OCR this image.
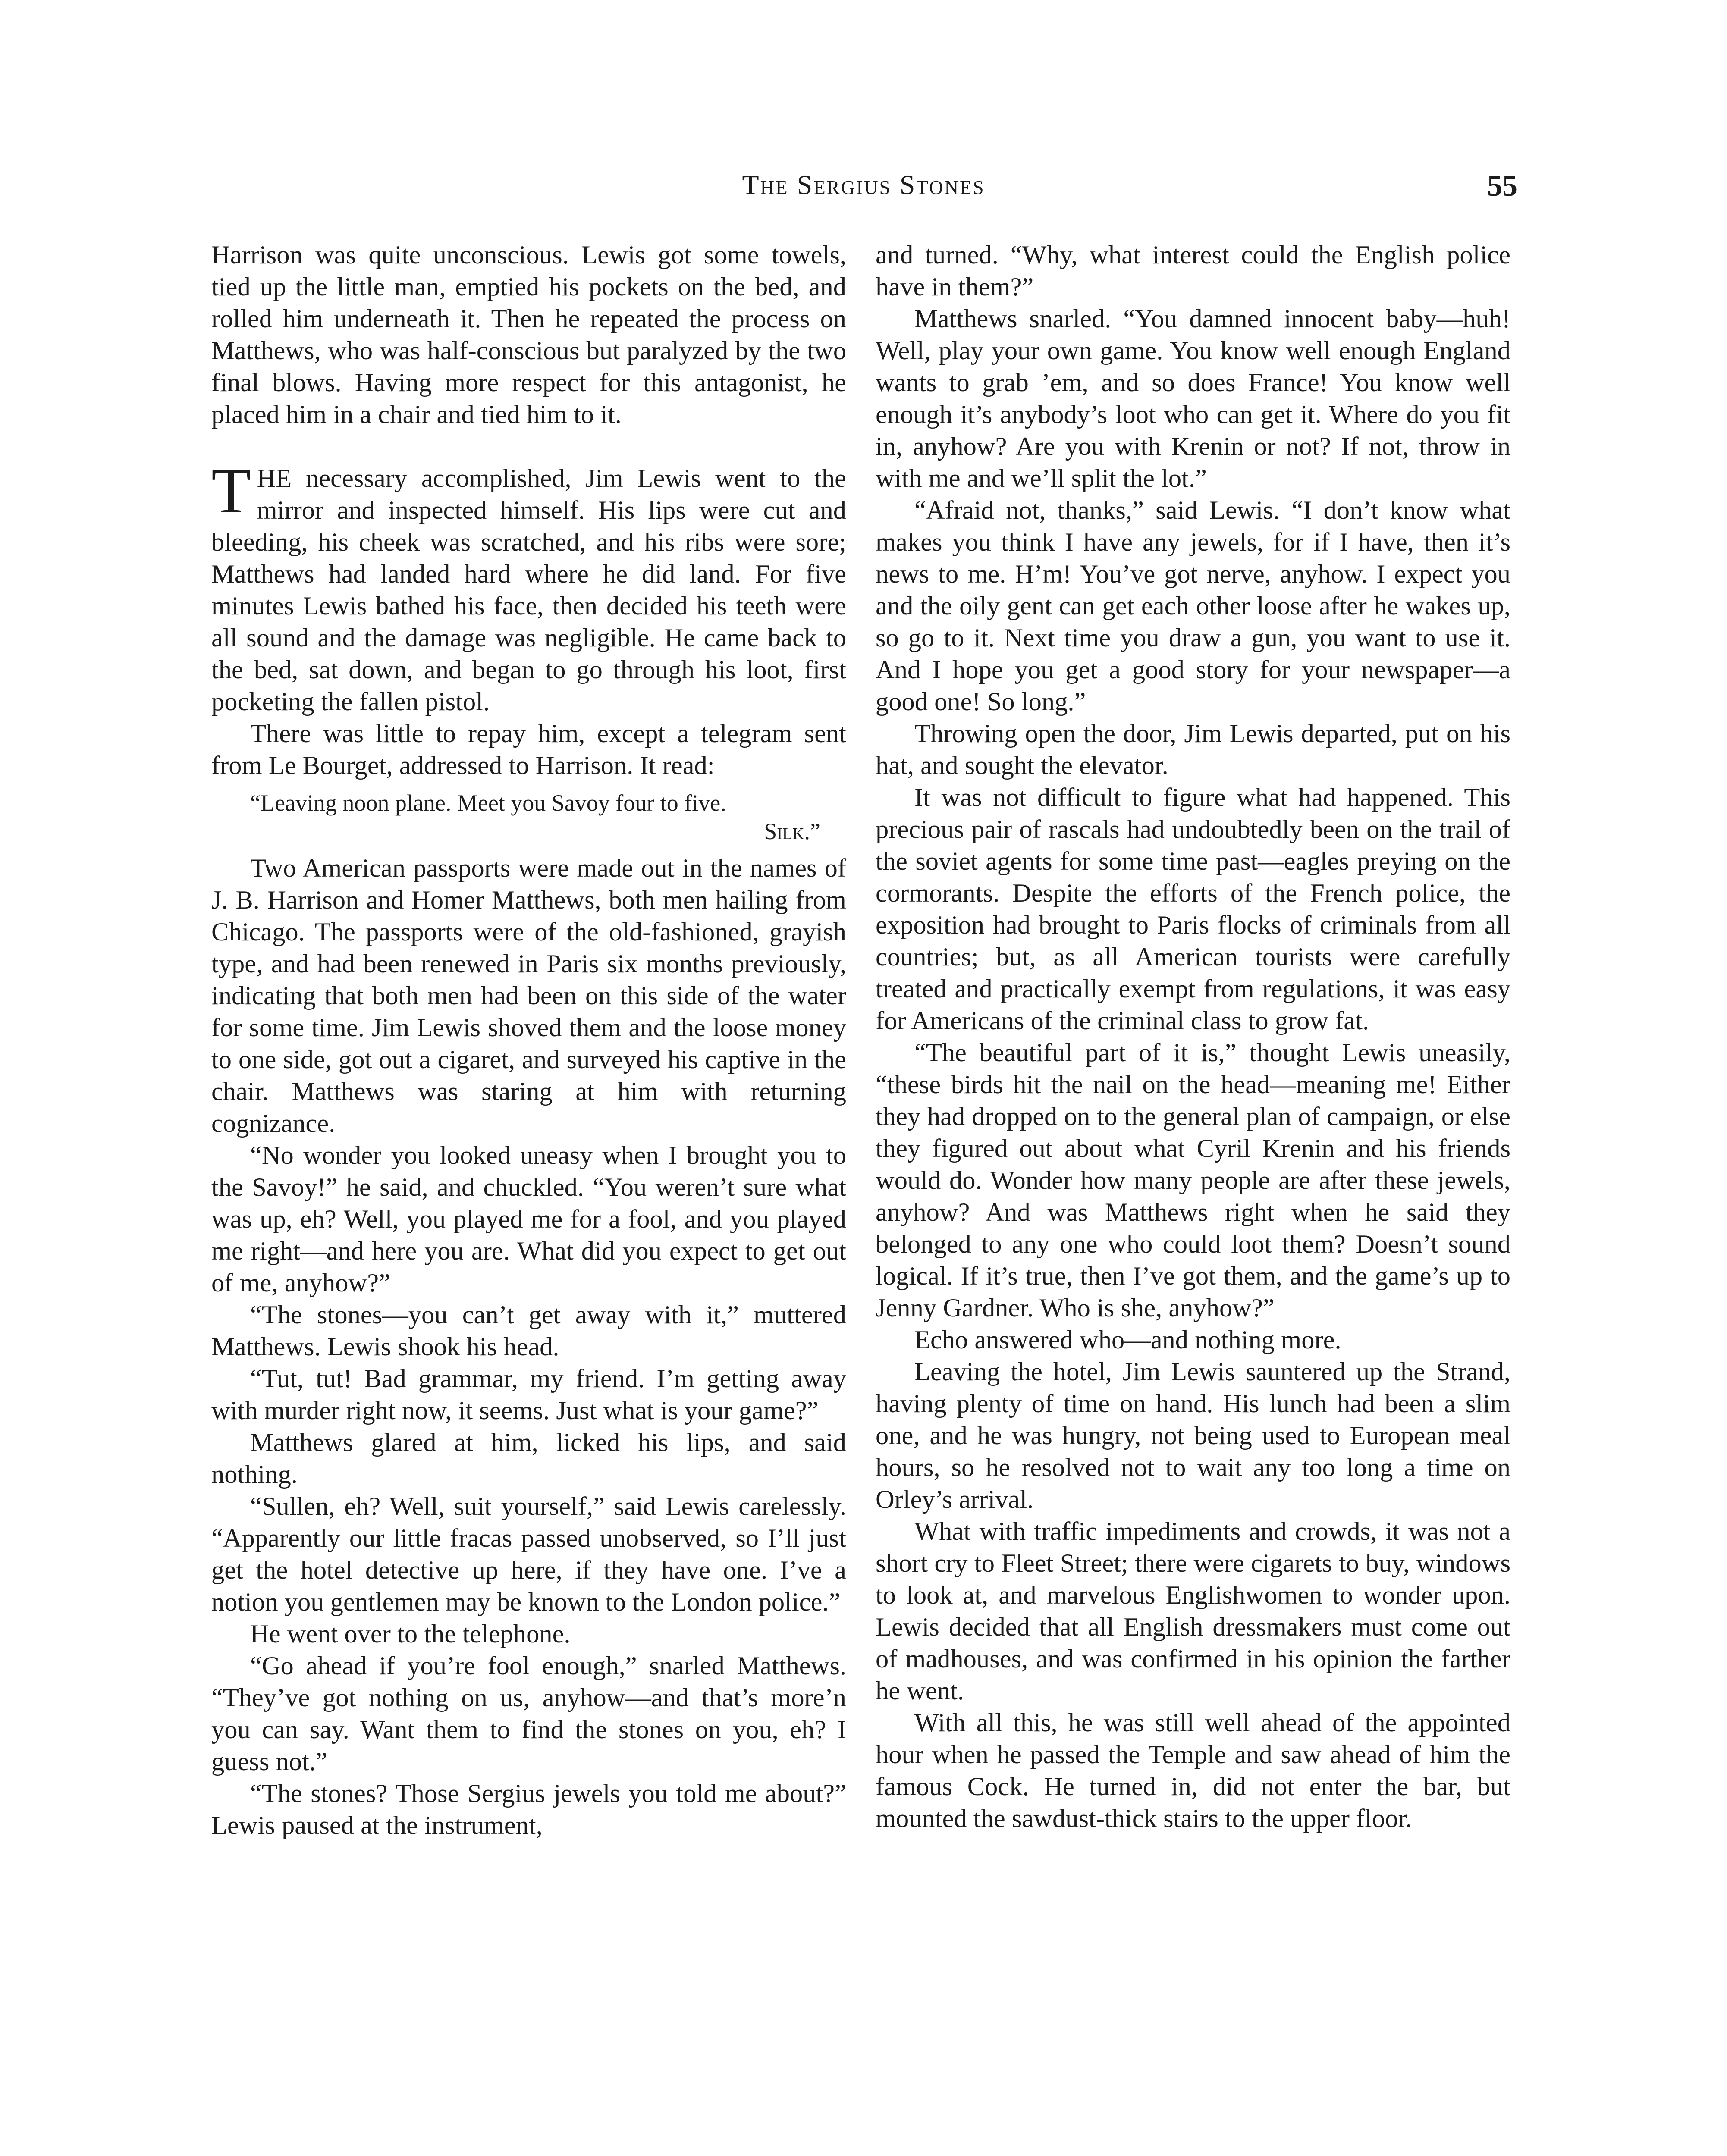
The Sergius Stones	55

Harrison was quite unconscious. Lewis got some towels, tied up the little man, emptied his pockets on the bed, and rolled him underneath it. Then he repeated the process on Matthews, who was half-conscious but paralyzed by the two final blows. Having more respect for this antagonist, he placed him in a chair and tied him to it.

THE necessary accomplished, Jim Lewis went to the mirror and inspected himself. His lips were cut and bleeding, his cheek was scratched, and his ribs were sore; Matthews had landed hard where he did land. For five minutes Lewis bathed his face, then decided his teeth were all sound and the damage was negligible. He came back to the bed, sat down, and began to go through his loot, first pocketing the fallen pistol.

There was little to repay him, except a telegram sent from Le Bourget, addressed to Harrison. It read:

“Leaving noon plane. Meet you Savoy four to five.
Silk.”

Two American passports were made out in the names of J. B. Harrison and Homer Matthews, both men hailing from Chicago. The passports were of the old-fashioned, grayish type, and had been renewed in Paris six months previously, indicating that both men had been on this side of the water for some time. Jim Lewis shoved them and the loose money to one side, got out a cigaret, and surveyed his captive in the chair. Matthews was staring at him with returning cognizance.

“No wonder you looked uneasy when I brought you to the Savoy!” he said, and chuckled. “You weren’t sure what was up, eh? Well, you played me for a fool, and you played me right—and here you are. What did you expect to get out of me, anyhow?”

“The stones—you can’t get away with it,” muttered Matthews. Lewis shook his head.

“Tut, tut! Bad grammar, my friend. I’m getting away with murder right now, it seems. Just what is your game?”

Matthews glared at him, licked his lips, and said nothing.

“Sullen, eh? Well, suit yourself,” said Lewis carelessly. “Apparently our little fracas passed unobserved, so I’ll just get the hotel detective up here, if they have one. I’ve a notion you gentlemen may be known to the London police.”

He went over to the telephone.

“Go ahead if you’re fool enough,” snarled Matthews. “They’ve got nothing on us, anyhow—and that’s more’n you can say. Want them to find the stones on you, eh? I guess not.”

“The stones? Those Sergius jewels you told me about?” Lewis paused at the instrument,

and turned. “Why, what interest could the English police have in them?”

Matthews snarled. “You damned innocent baby—huh! Well, play your own game. You know well enough England wants to grab ’em, and so does France! You know well enough it’s anybody’s loot who can get it. Where do you fit in, anyhow? Are you with Krenin or not? If not, throw in with me and we’ll split the lot.”

“Afraid not, thanks,” said Lewis. “I don’t know what makes you think I have any jewels, for if I have, then it’s news to me. H’m! You’ve got nerve, anyhow. I expect you and the oily gent can get each other loose after he wakes up, so go to it. Next time you draw a gun, you want to use it. And I hope you get a good story for your newspaper—a good one! So long.”

Throwing open the door, Jim Lewis departed, put on his hat, and sought the elevator.

It was not difficult to figure what had happened. This precious pair of rascals had undoubtedly been on the trail of the soviet agents for some time past—eagles preying on the cormorants. Despite the efforts of the French police, the exposition had brought to Paris flocks of criminals from all countries; but, as all American tourists were carefully treated and practically exempt from regulations, it was easy for Americans of the criminal class to grow fat.

“The beautiful part of it is,” thought Lewis uneasily, “these birds hit the nail on the head—meaning me! Either they had dropped on to the general plan of campaign, or else they figured out about what Cyril Krenin and his friends would do. Wonder how many people are after these jewels, anyhow? And was Matthews right when he said they belonged to any one who could loot them? Doesn’t sound logical. If it’s true, then I’ve got them, and the game’s up to Jenny Gardner. Who is she, anyhow?”

Echo answered who—and nothing more.

Leaving the hotel, Jim Lewis sauntered up the Strand, having plenty of time on hand. His lunch had been a slim one, and he was hungry, not being used to European meal hours, so he resolved not to wait any too long a time on Orley’s arrival.

What with traffic impediments and crowds, it was not a short cry to Fleet Street; there were cigarets to buy, windows to look at, and marvelous Englishwomen to wonder upon. Lewis decided that all English dressmakers must come out of madhouses, and was confirmed in his opinion the farther he went.

With all this, he was still well ahead of the appointed hour when he passed the Temple and saw ahead of him the famous Cock. He turned in, did not enter the bar, but mounted the sawdust-thick stairs to the upper floor.
